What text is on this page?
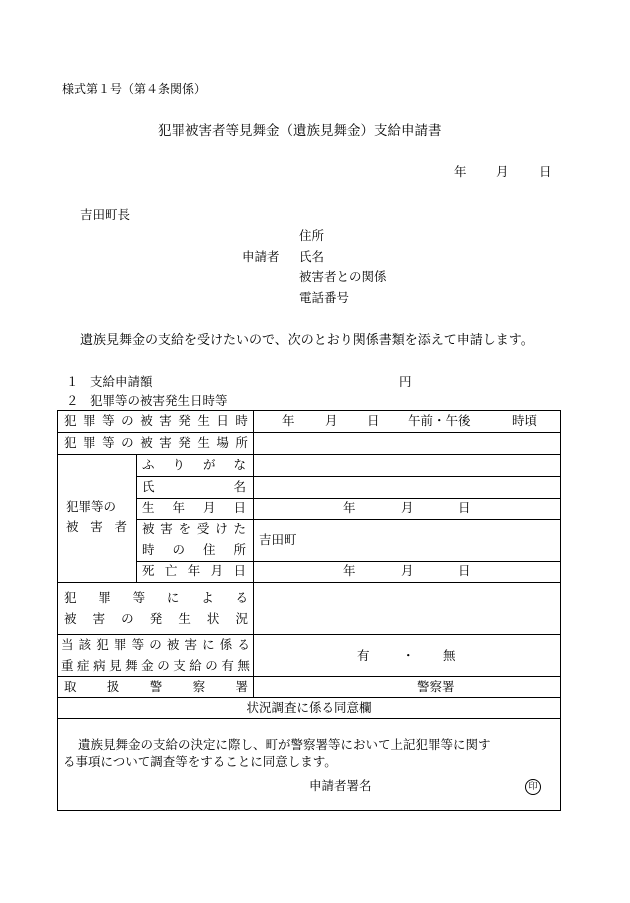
様式第１号（第４条関係）
犯罪被害者等見舞金（遺族見舞金）支給申請書
年 月 日
吉田町長
住所
申請者 氏名
被害者との関係
電話番号
遺族見舞金の支給を受けたいので、次のとおり関係書類を添えて申請します。
１ 支給申請額	円
２ 犯罪等の被害発生日時等
犯 罪 等 の 被 害 発 生 日 時	年 月 日 午前・午後	時頃
犯 罪 等 の 被 害 発 生 場 所
犯罪等の
被 害 者
ふ り が な
氏	名
生 年 月 日	年	月	日
被 害 を 受 け た
時 の 住 所
吉田町
死 亡 年 月 日	年	月	日
犯 罪 等 に よ る
被 害 の 発 生 状 況
当 該 犯 罪 等 の 被 害 に 係 る
重 症 病 見 舞 金 の 支 給 の 有 無
有	・ 無
取 扱 警 察 署	警察署
状況調査に係る同意欄
遺族見舞金の支給の決定に際し、町が警察署等において上記犯罪等に関す
る事項について調査等をすることに同意します。
申請者署名	印
